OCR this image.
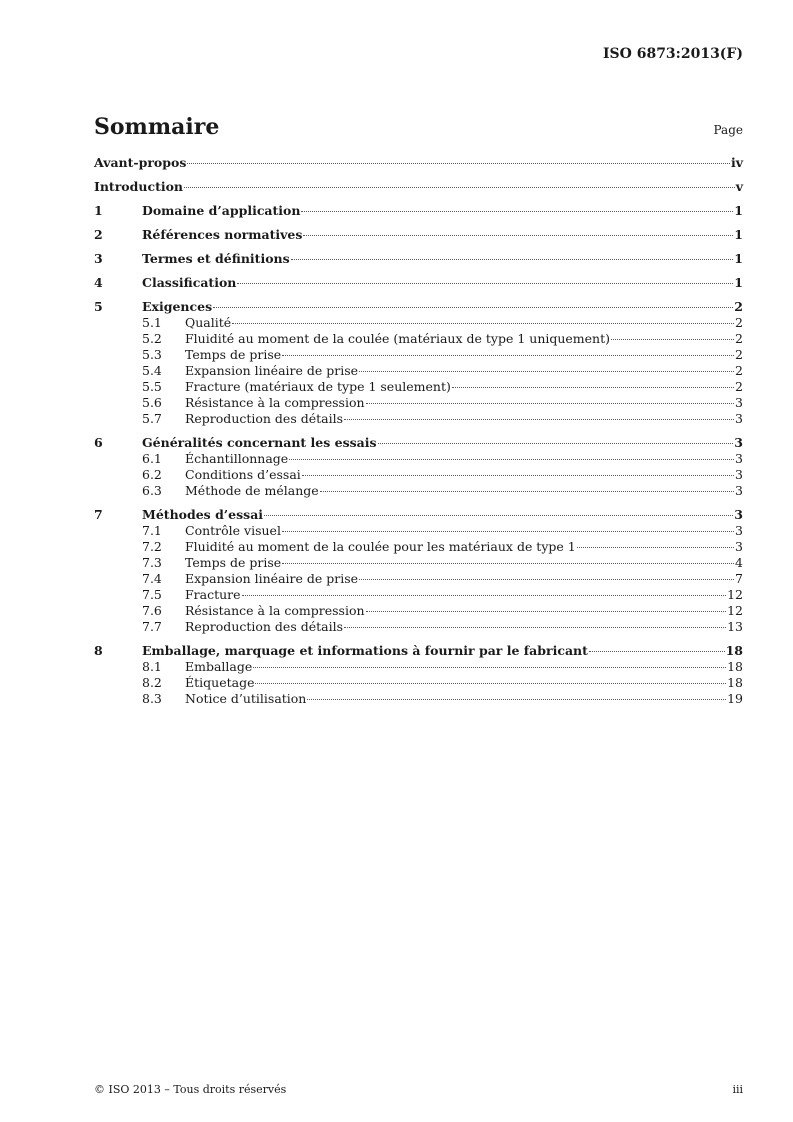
ISO 6873:2013(F)
Sommaire	Page
Avant-propos	iv
Introduction	v
1	Domaine d’application	1
2	Références normatives	1
3	Termes et définitions	1
4	Classification	1
5	Exigences	2
5.1	Qualité	2
5.2	Fluidité au moment de la coulée (matériaux de type 1 uniquement)	2
5.3	Temps de prise	2
5.4	Expansion linéaire de prise	2
5.5	Fracture (matériaux de type 1 seulement)	2
5.6	Résistance à la compression	3
5.7	Reproduction des détails	3
6	Généralités concernant les essais	3
6.1	Échantillonnage	3
6.2	Conditions d’essai	3
6.3	Méthode de mélange	3
7	Méthodes d’essai	3
7.1	Contrôle visuel	3
7.2	Fluidité au moment de la coulée pour les matériaux de type 1	3
7.3	Temps de prise	4
7.4	Expansion linéaire de prise	7
7.5	Fracture	12
7.6	Résistance à la compression	12
7.7	Reproduction des détails	13
8	Emballage, marquage et informations à fournir par le fabricant	18
8.1	Emballage	18
8.2	Étiquetage	18
8.3	Notice d’utilisation	19
© ISO 2013 – Tous droits réservés	iii
